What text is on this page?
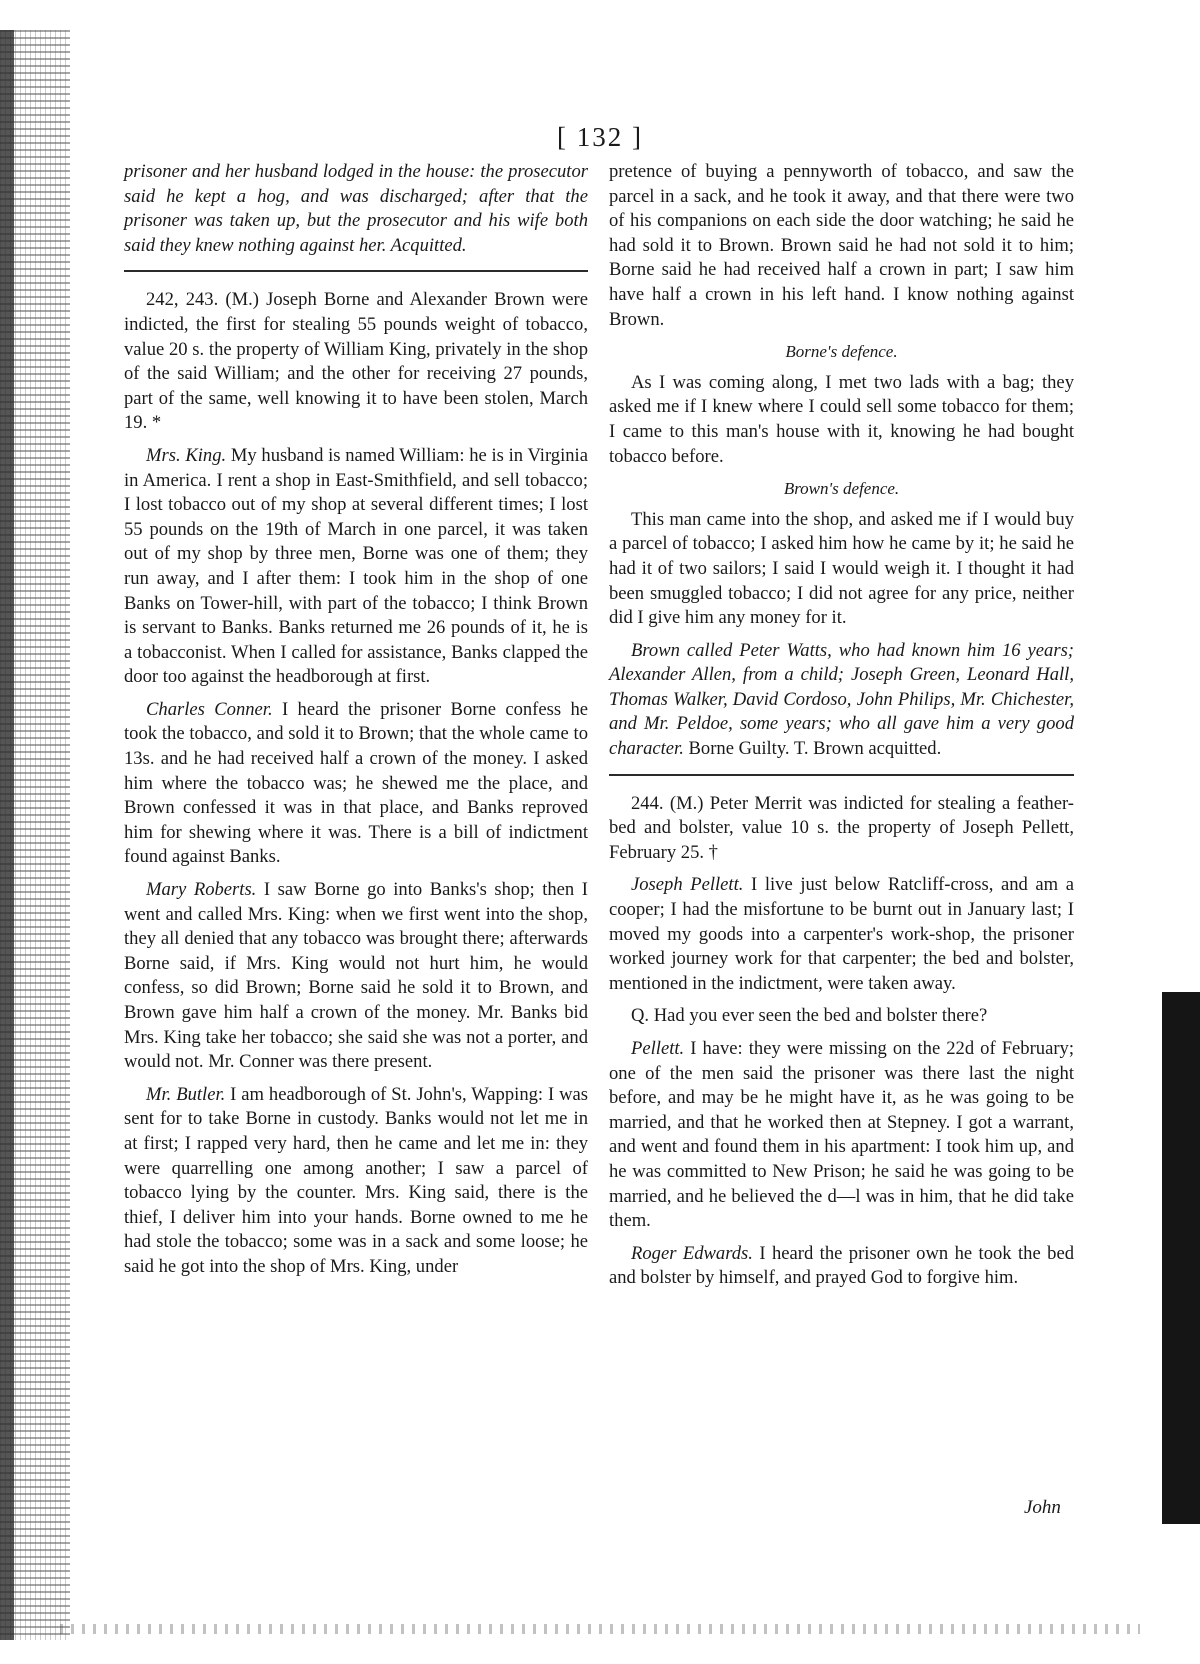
[ 132 ]

prisoner and her husband lodged in the house: the prosecutor said he kept a hog, and was discharged; after that the prisoner was taken up, but the prosecutor and his wife both said they knew nothing against her. Acquitted.

242, 243. (M.) Joseph Borne and Alexander Brown were indicted, the first for stealing 55 pounds weight of tobacco, value 20 s. the property of William King, privately in the shop of the said William; and the other for receiving 27 pounds, part of the same, well knowing it to have been stolen, March 19. *

Mrs. King. My husband is named William: he is in Virginia in America. I rent a shop in East-Smithfield, and sell tobacco; I lost tobacco out of my shop at several different times; I lost 55 pounds on the 19th of March in one parcel, it was taken out of my shop by three men, Borne was one of them; they run away, and I after them: I took him in the shop of one Banks on Tower-hill, with part of the tobacco; I think Brown is servant to Banks. Banks returned me 26 pounds of it, he is a tobacconist. When I called for assistance, Banks clapped the door too against the headborough at first.

Charles Conner. I heard the prisoner Borne confess he took the tobacco, and sold it to Brown; that the whole came to 13s. and he had received half a crown of the money. I asked him where the tobacco was; he shewed me the place, and Brown confessed it was in that place, and Banks reproved him for shewing where it was. There is a bill of indictment found against Banks.

Mary Roberts. I saw Borne go into Banks's shop; then I went and called Mrs. King: when we first went into the shop, they all denied that any tobacco was brought there; afterwards Borne said, if Mrs. King would not hurt him, he would confess, so did Brown; Borne said he sold it to Brown, and Brown gave him half a crown of the money. Mr. Banks bid Mrs. King take her tobacco; she said she was not a porter, and would not. Mr. Conner was there present.

Mr. Butler. I am headborough of St. John's, Wapping: I was sent for to take Borne in custody. Banks would not let me in at first; I rapped very hard, then he came and let me in: they were quarrelling one among another; I saw a parcel of tobacco lying by the counter. Mrs. King said, there is the thief, I deliver him into your hands. Borne owned to me he had stole the tobacco; some was in a sack and some loose; he said he got into the shop of Mrs. King, under

pretence of buying a pennyworth of tobacco, and saw the parcel in a sack, and he took it away, and that there were two of his companions on each side the door watching; he said he had sold it to Brown. Brown said he had not sold it to him; Borne said he had received half a crown in part; I saw him have half a crown in his left hand. I know nothing against Brown.

Borne's defence.

As I was coming along, I met two lads with a bag; they asked me if I knew where I could sell some tobacco for them; I came to this man's house with it, knowing he had bought tobacco before.

Brown's defence.

This man came into the shop, and asked me if I would buy a parcel of tobacco; I asked him how he came by it; he said he had it of two sailors; I said I would weigh it. I thought it had been smuggled tobacco; I did not agree for any price, neither did I give him any money for it.

Brown called Peter Watts, who had known him 16 years; Alexander Allen, from a child; Joseph Green, Leonard Hall, Thomas Walker, David Cordoso, John Philips, Mr. Chichester, and Mr. Peldoe, some years; who all gave him a very good character. Borne Guilty. T. Brown acquitted.

244. (M.) Peter Merrit was indicted for stealing a feather-bed and bolster, value 10 s. the property of Joseph Pellett, February 25. †

Joseph Pellett. I live just below Ratcliff-cross, and am a cooper; I had the misfortune to be burnt out in January last; I moved my goods into a carpenter's work-shop, the prisoner worked journey work for that carpenter; the bed and bolster, mentioned in the indictment, were taken away.

Q. Had you ever seen the bed and bolster there?

Pellett. I have: they were missing on the 22d of February; one of the men said the prisoner was there last the night before, and may be he might have it, as he was going to be married, and that he worked then at Stepney. I got a warrant, and went and found them in his apartment: I took him up, and he was committed to New Prison; he said he was going to be married, and he believed the d—l was in him, that he did take them.

Roger Edwards. I heard the prisoner own he took the bed and bolster by himself, and prayed God to forgive him.

John
